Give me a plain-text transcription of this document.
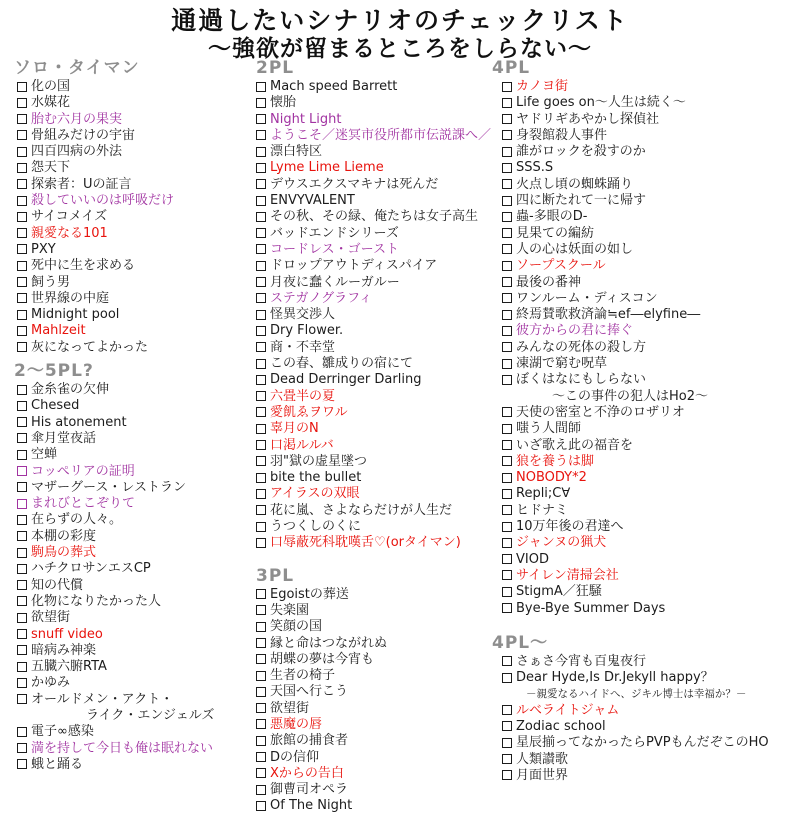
通過したいシナリオのチェックリスト
～強欲が留まるところをしらない～
ソロ・タイマン
化の国
水媒花
胎む六月の果実
骨組みだけの宇宙
四百四病の外法
怨天下
探索者：Uの証言
殺していいのは呼吸だけ
サイコメイズ
親愛なる101
PXY
死中に生を求める
飼う男
世界線の中庭
Midnight pool
Mahlzeit
灰になってよかった
2～5PL?
金糸雀の欠伸
Chesed
His atonement
傘月堂夜話
空蝉
コッペリアの証明
マザーグース・レストラン
まれびとこぞりて
在らずの人々。
本棚の彩度
駒鳥の葬式
ハチクロサンエスCP
知の代償
化物になりたかった人
欲望街
snuff video
暗病み神楽
五臓六腑RTA
かゆみ
オールドメン・アクト・
ライク・エンジェルズ
電子∞感染
満を持して今日も俺は眠れない
蛾と踊る
2PL
Mach speed Barrett
懐胎
Night Light
ようこそ／迷冥市役所都市伝説課へ／
漂白特区
Lyme Lime Lieme
デウスエクスマキナは死んだ
ENVYVALENT
その秋、その緑、俺たちは女子高生
バッドエンドシリーズ
コードレス・ゴースト
ドロップアウトディスパイア
月夜に蠢くルーガルー
ステガノグラフィ
怪異交渉人
Dry Flower.
商・不幸堂
この春、雛成りの宿にて
Dead Derringer Darling
六畳半の夏
愛飢ゑヲワル
辜月のN
口渇ルルバ
羽"獄の虚星墜つ
bite the bullet
アイラスの双眼
花に嵐、さよならだけが人生だ
うつくしのくに
口辱蔽死科耽嘆舌♡(orタイマン)
3PL
Egoistの葬送
失楽園
笑顔の国
縁と命はつながれぬ
胡蝶の夢は今宵も
生者の椅子
天国へ行こう
欲望街
悪魔の唇
旅館の捕食者
Dの信仰
Xからの告白
御曹司オペラ
Of The Night
4PL
カノヨ街
Life goes on～人生は続く～
ヤドリギあやかし探偵社
身裂館殺人事件
誰がロックを殺すのか
SSS.S
火点し頃の蜘蛛踊り
四に断たれて一に帰す
蟲-多眼のD-
見果ての編紡
人の心は妖面の如し
ソープスクール
最後の番神
ワンルーム・ディスコン
終焉賛歌救済論≒ef―elyfine―
彼方からの君に捧ぐ
みんなの死体の殺し方
凍湖で窮む呪草
ぼくはなにもしらない
～この事件の犯人はHo2～
天使の密室と不浄のロザリオ
嗤う人間師
いざ歌え此の福音を
狼を養うは脚
NOBODY*2
Repli;C∀
ヒドナミ
10万年後の君達へ
ジャンヌの猟犬
VIOD
サイレン清掃会社
StigmA／狂騒
Bye-Bye Summer Days
4PL～
さぁさ今宵も百鬼夜行
Dear Hyde,Is Dr.Jekyll happy？
－親愛なるハイドへ、ジキル博士は幸福か？－
ルベライトジャム
Zodiac school
星辰揃ってなかったらPVPもんだぞこのHO
人類讃歌
月面世界
